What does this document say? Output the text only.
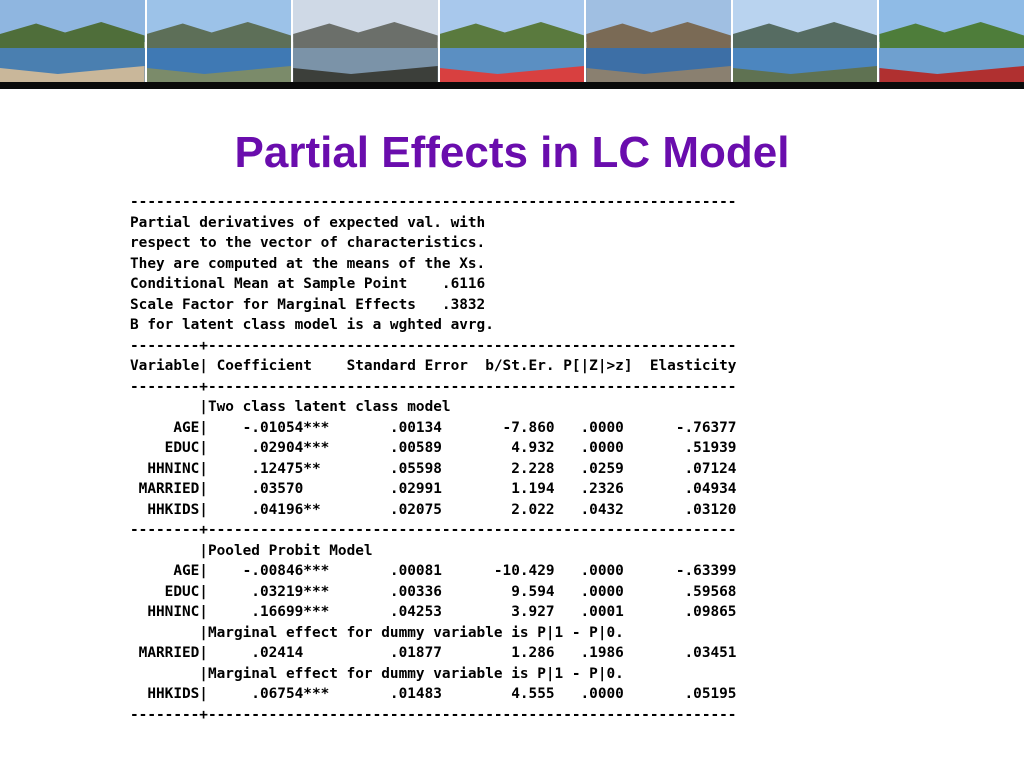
Partial Effects in LC Model
----------------------------------------------------------------------
Partial derivatives of expected val. with
respect to the vector of characteristics.
They are computed at the means of the Xs.
Conditional Mean at Sample Point    .6116
Scale Factor for Marginal Effects   .3832
B for latent class model is a wghted avrg.
--------+-------------------------------------------------------------
Variable| Coefficient    Standard Error  b/St.Er. P[|Z|>z]  Elasticity
--------+-------------------------------------------------------------
|Two class latent class model
AGE|    -.01054***       .00134       -7.860   .0000      -.76377
EDUC|     .02904***       .00589        4.932   .0000       .51939
HHNINC|     .12475**        .05598        2.228   .0259       .07124
MARRIED|     .03570          .02991        1.194   .2326       .04934
HHKIDS|     .04196**        .02075        2.022   .0432       .03120
--------+-------------------------------------------------------------
|Pooled Probit Model
AGE|    -.00846***       .00081      -10.429   .0000      -.63399
EDUC|     .03219***       .00336        9.594   .0000       .59568
HHNINC|     .16699***       .04253        3.927   .0001       .09865
|Marginal effect for dummy variable is P|1 - P|0.
MARRIED|     .02414          .01877        1.286   .1986       .03451
|Marginal effect for dummy variable is P|1 - P|0.
HHKIDS|     .06754***       .01483        4.555   .0000       .05195
--------+-------------------------------------------------------------
